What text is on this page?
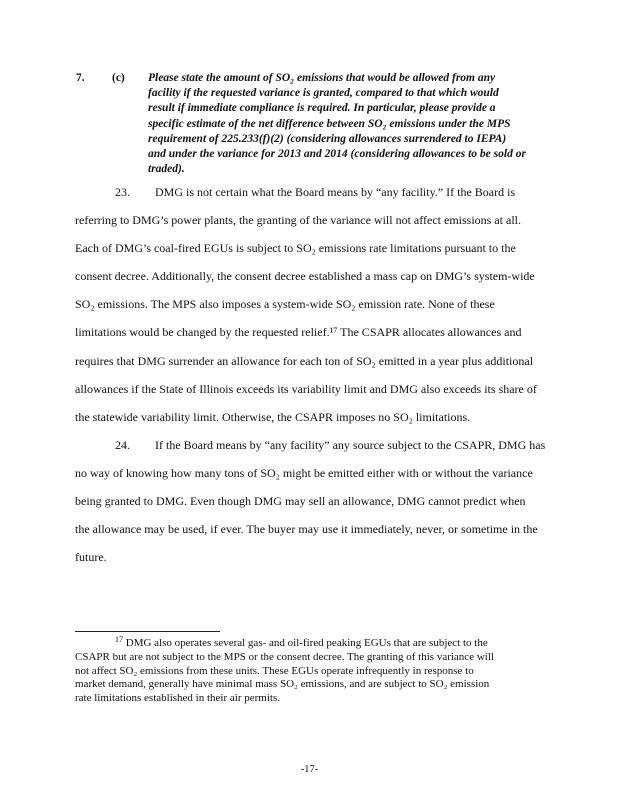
7. (c) Please state the amount of SO₂ emissions that would be allowed from any
facility if the requested variance is granted, compared to that which would
result if immediate compliance is required. In particular, please provide a
specific estimate of the net difference between SO₂ emissions under the MPS
requirement of 225.233(f)(2) (considering allowances surrendered to IEPA)
and under the variance for 2013 and 2014 (considering allowances to be sold or
traded).
23. DMG is not certain what the Board means by “any facility.” If the Board is
referring to DMG’s power plants, the granting of the variance will not affect emissions at all.
Each of DMG’s coal-fired EGUs is subject to SO₂ emissions rate limitations pursuant to the
consent decree. Additionally, the consent decree established a mass cap on DMG’s system-wide
SO₂ emissions. The MPS also imposes a system-wide SO₂ emission rate. None of these
limitations would be changed by the requested relief.¹⁷ The CSAPR allocates allowances and
requires that DMG surrender an allowance for each ton of SO₂ emitted in a year plus additional
allowances if the State of Illinois exceeds its variability limit and DMG also exceeds its share of
the statewide variability limit. Otherwise, the CSAPR imposes no SO₂ limitations.
24. If the Board means by “any facility” any source subject to the CSAPR, DMG has
no way of knowing how many tons of SO₂ might be emitted either with or without the variance
being granted to DMG. Even though DMG may sell an allowance, DMG cannot predict when
the allowance may be used, if ever. The buyer may use it immediately, never, or sometime in the
future.
$^{17}$ DMG also operates several gas- and oil-fired peaking EGUs that are subject to the
CSAPR but are not subject to the MPS or the consent decree. The granting of this variance will
not affect SO₂ emissions from these units. These EGUs operate infrequently in response to
market demand, generally have minimal mass SO₂ emissions, and are subject to SO₂ emission
rate limitations established in their air permits.
-17-
